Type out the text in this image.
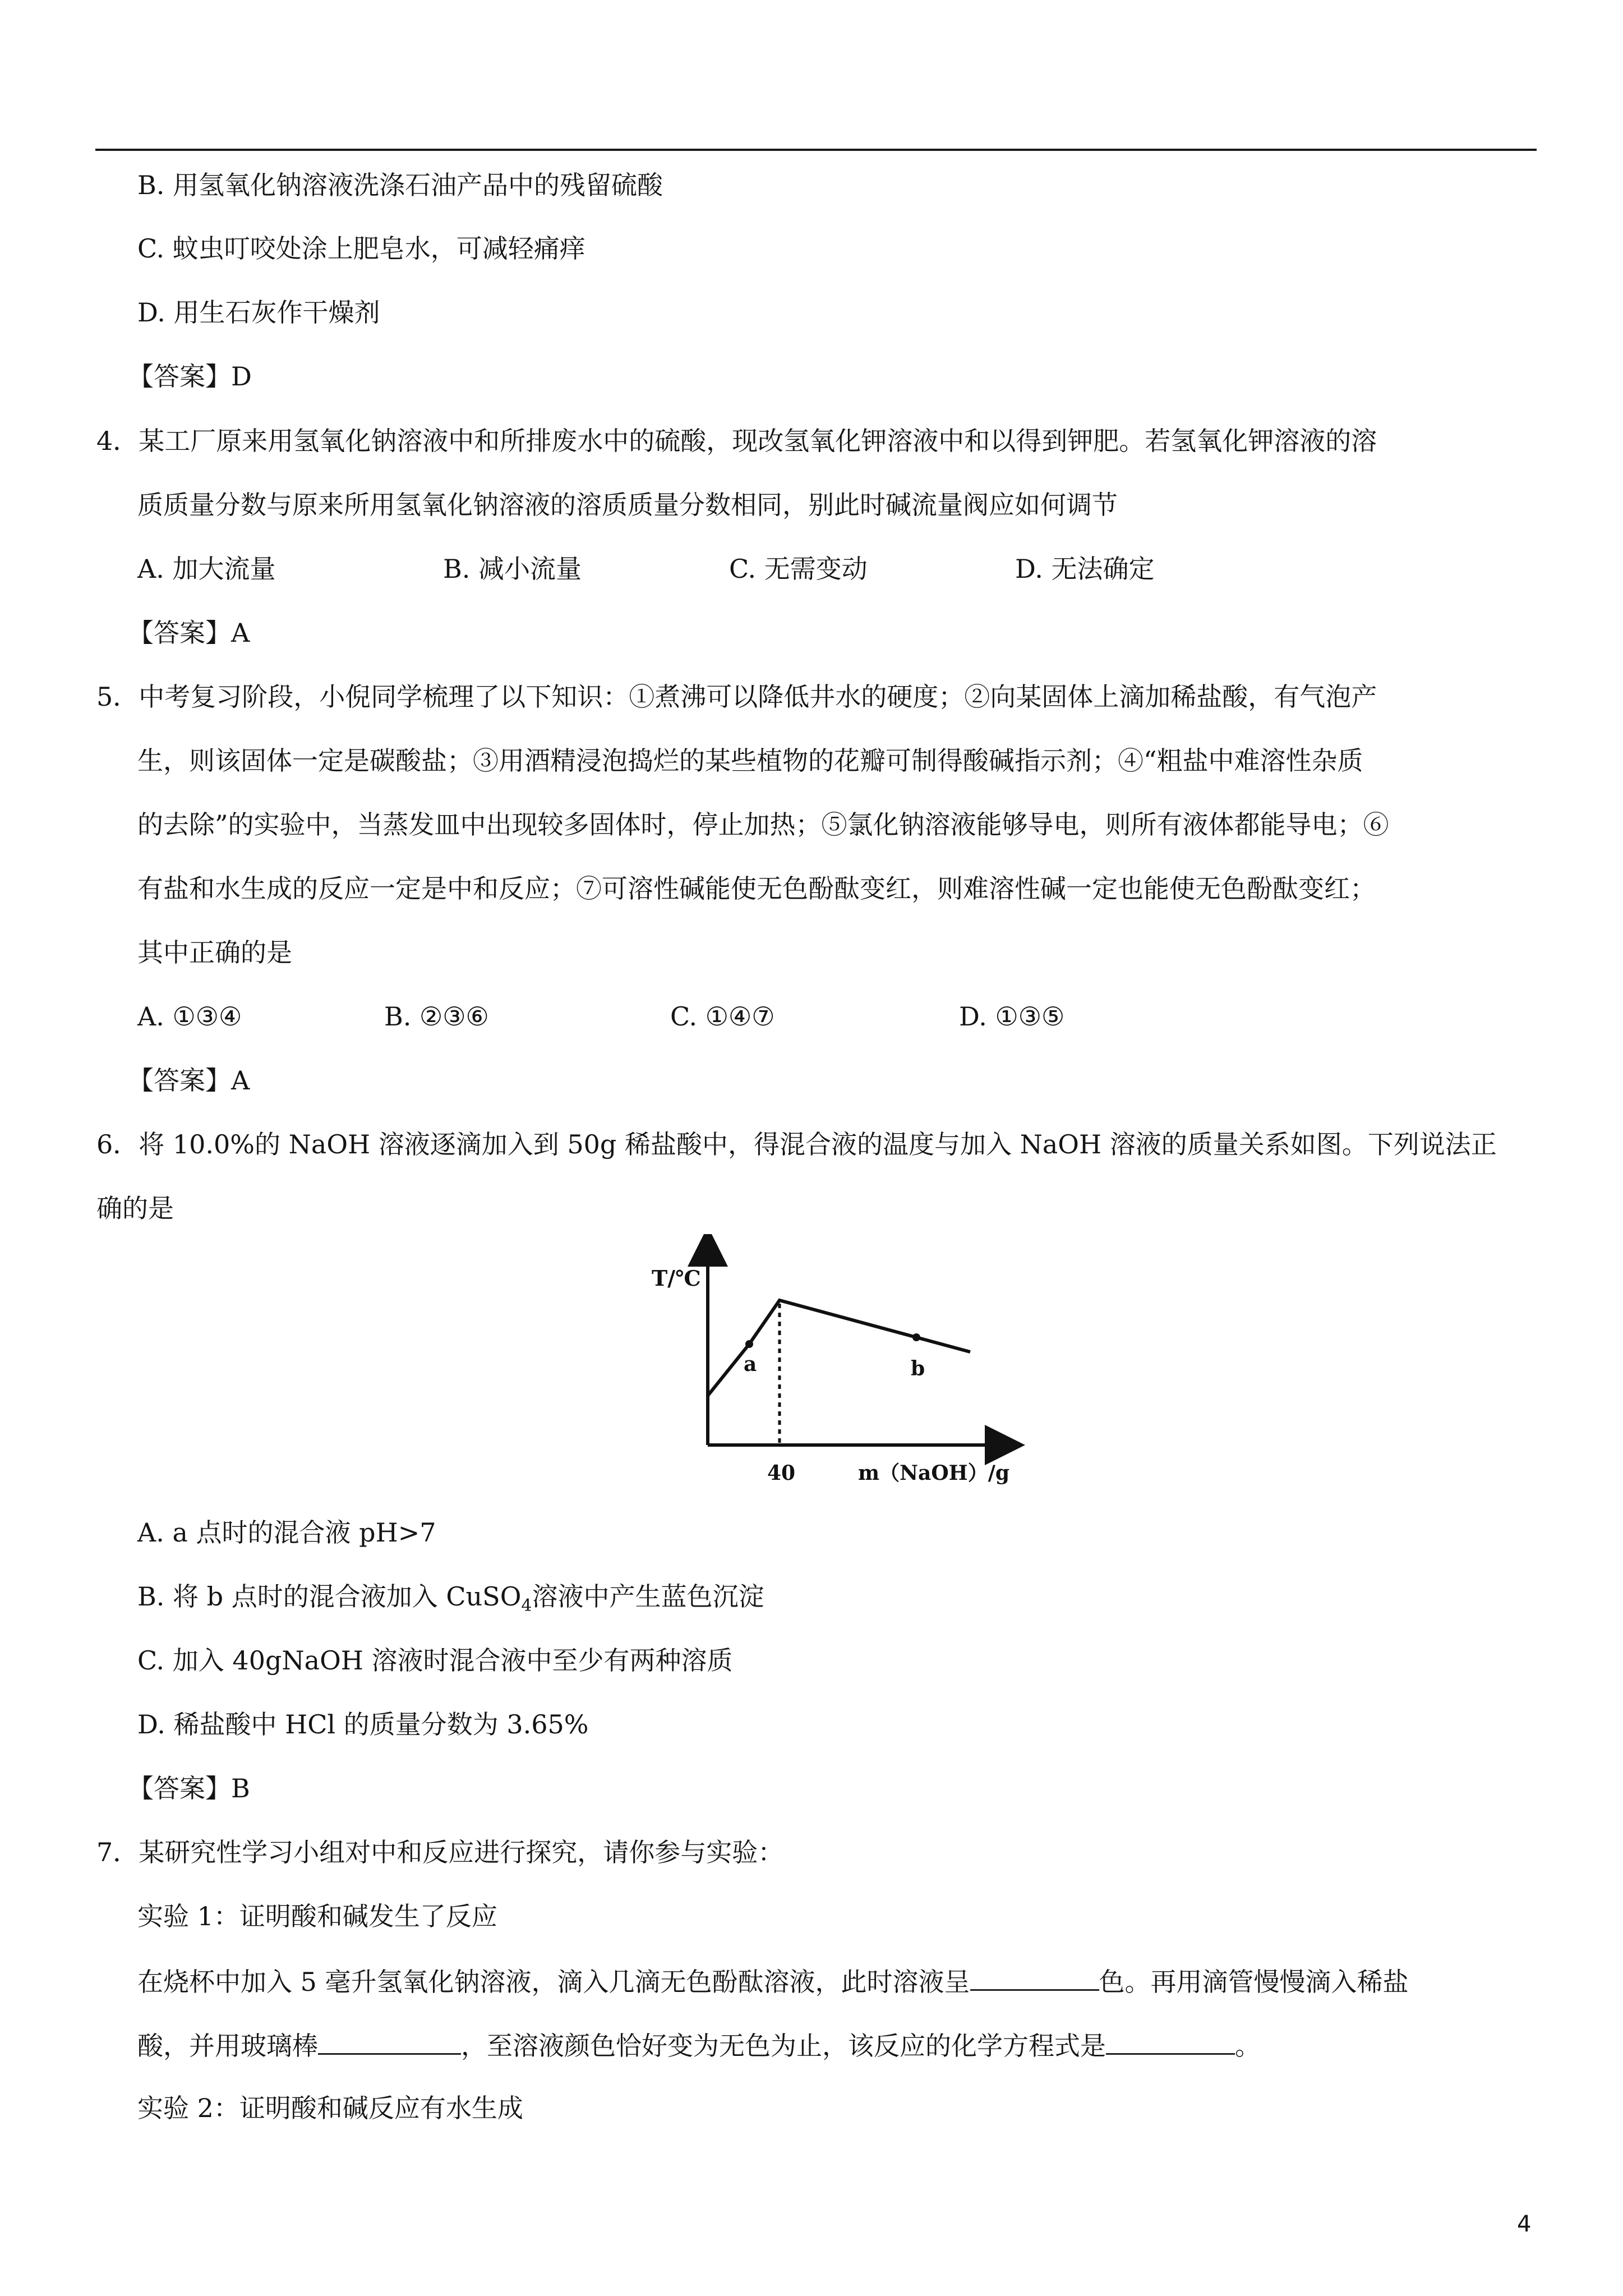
B. 用氢氧化钠溶液洗涤石油产品中的残留硫酸
C. 蚊虫叮咬处涂上肥皂水，可减轻痛痒
D. 用生石灰作干燥剂
【答案】D
4．某工厂原来用氢氧化钠溶液中和所排废水中的硫酸，现改氢氧化钾溶液中和以得到钾肥。若氢氧化钾溶液的溶
质质量分数与原来所用氢氧化钠溶液的溶质质量分数相同，别此时碱流量阀应如何调节
A. 加大流量	B. 减小流量	C. 无需变动	D. 无法确定
【答案】A
5．中考复习阶段，小倪同学梳理了以下知识：①煮沸可以降低井水的硬度；②向某固体上滴加稀盐酸，有气泡产
生，则该固体一定是碳酸盐；③用酒精浸泡捣烂的某些植物的花瓣可制得酸碱指示剂；④“粗盐中难溶性杂质
的去除”的实验中，当蒸发皿中出现较多固体时，停止加热；⑤氯化钠溶液能够导电，则所有液体都能导电；⑥
有盐和水生成的反应一定是中和反应；⑦可溶性碱能使无色酚酞变红，则难溶性碱一定也能使无色酚酞变红；
其中正确的是
A. ①③④	B. ②③⑥	C. ①④⑦	D. ①③⑤
【答案】A
6．将 10.0%的 NaOH 溶液逐滴加入到 50g 稀盐酸中，得混合液的温度与加入 NaOH 溶液的质量关系如图。下列说法正
确的是
T/℃
a	b
40	m（NaOH）/g
A. a 点时的混合液 pH>7
B. 将 b 点时的混合液加入 CuSO$_4$溶液中产生蓝色沉淀
C. 加入 40gNaOH 溶液时混合液中至少有两种溶质
D. 稀盐酸中 HCl 的质量分数为 3.65%
【答案】B
7．某研究性学习小组对中和反应进行探究，请你参与实验：
实验 1：证明酸和碱发生了反应
在烧杯中加入 5 毫升氢氧化钠溶液，滴入几滴无色酚酞溶液，此时溶液呈	色。再用滴管慢慢滴入稀盐
酸，并用玻璃棒	，至溶液颜色恰好变为无色为止，该反应的化学方程式是	。
实验 2：证明酸和碱反应有水生成
4
